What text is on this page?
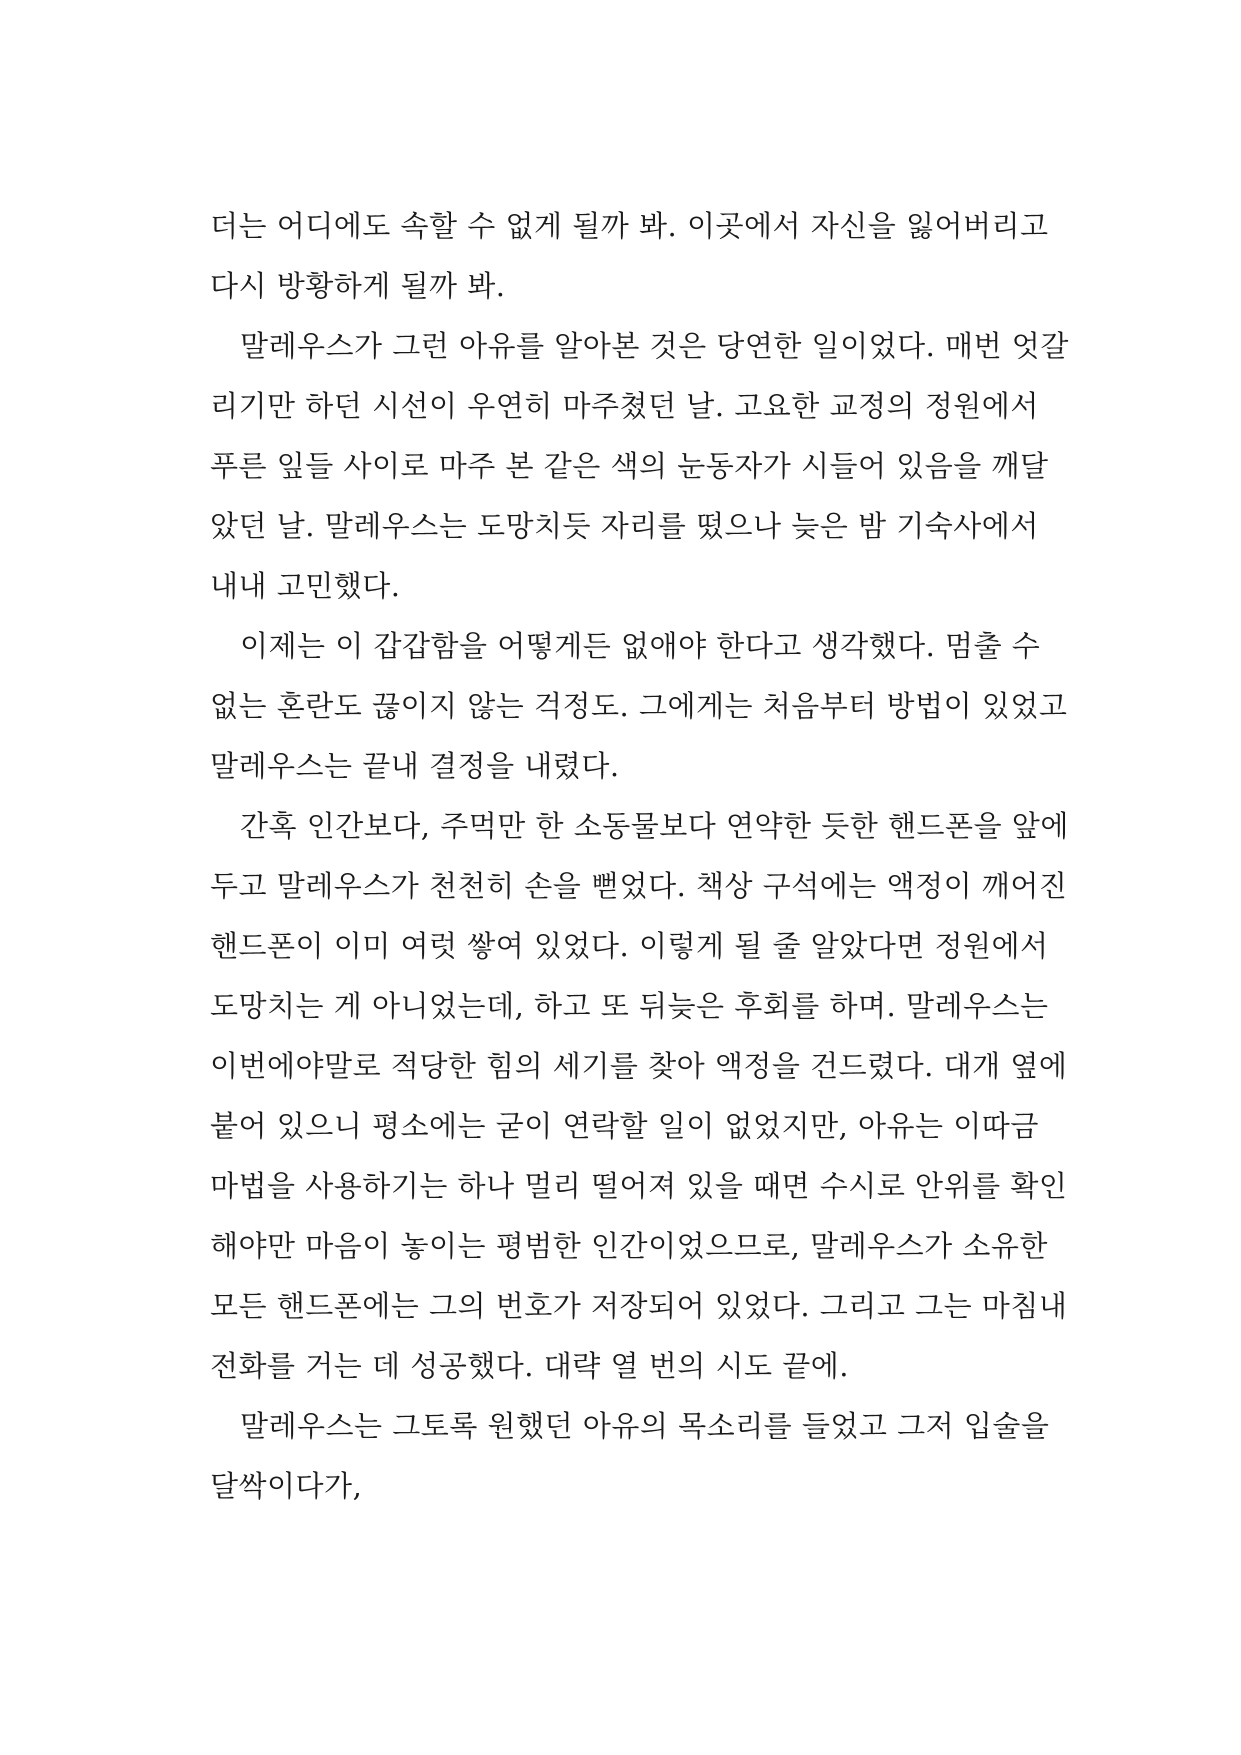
더는 어디에도 속할 수 없게 될까 봐. 이곳에서 자신을 잃어버리고
다시 방황하게 될까 봐.
말레우스가 그런 아유를 알아본 것은 당연한 일이었다. 매번 엇갈
리기만 하던 시선이 우연히 마주쳤던 날. 고요한 교정의 정원에서
푸른 잎들 사이로 마주 본 같은 색의 눈동자가 시들어 있음을 깨달
았던 날. 말레우스는 도망치듯 자리를 떴으나 늦은 밤 기숙사에서
내내 고민했다.
이제는 이 갑갑함을 어떻게든 없애야 한다고 생각했다. 멈출 수
없는 혼란도 끊이지 않는 걱정도. 그에게는 처음부터 방법이 있었고
말레우스는 끝내 결정을 내렸다.
간혹 인간보다, 주먹만 한 소동물보다 연약한 듯한 핸드폰을 앞에
두고 말레우스가 천천히 손을 뻗었다. 책상 구석에는 액정이 깨어진
핸드폰이 이미 여럿 쌓여 있었다. 이렇게 될 줄 알았다면 정원에서
도망치는 게 아니었는데, 하고 또 뒤늦은 후회를 하며. 말레우스는
이번에야말로 적당한 힘의 세기를 찾아 액정을 건드렸다. 대개 옆에
붙어 있으니 평소에는 굳이 연락할 일이 없었지만, 아유는 이따금
마법을 사용하기는 하나 멀리 떨어져 있을 때면 수시로 안위를 확인
해야만 마음이 놓이는 평범한 인간이었으므로, 말레우스가 소유한
모든 핸드폰에는 그의 번호가 저장되어 있었다. 그리고 그는 마침내
전화를 거는 데 성공했다. 대략 열 번의 시도 끝에.
말레우스는 그토록 원했던 아유의 목소리를 들었고 그저 입술을
달싹이다가,
